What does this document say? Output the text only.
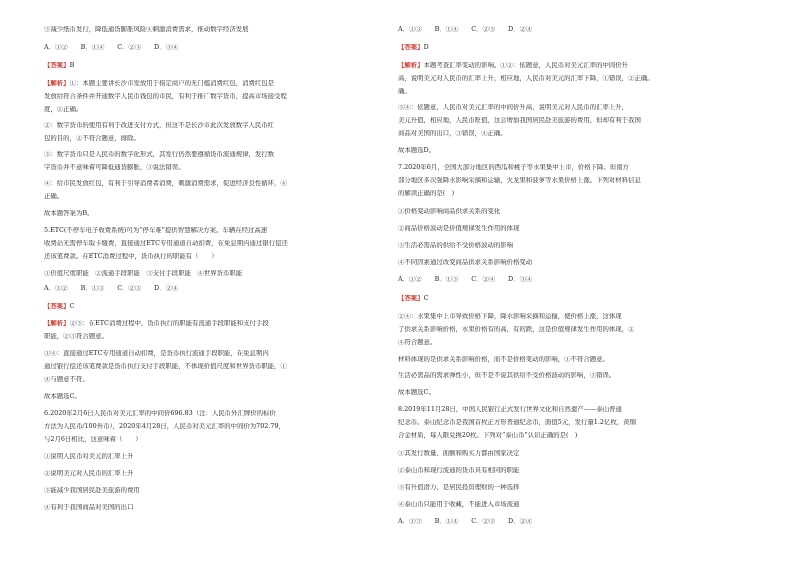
③减少纸币发行，降低通货膨胀风险④刺激消费需求，推动数字经济发展
A．①②　　B．①④　　C．②③　　D．③④
【答案】B
【解析】①：本题主要讲长沙市发放用于指定商户的无门槛消费红包，消费红包是
发放给符合条件并开通数字人民币钱包的市民，有利于推广数字货币，提高市场接受程
度，①正确。
②：数字货币的使用有利于改进支付方式，但这不是长沙市此次发放数字人民币红
包的目的，②不符合题意，排除。
③：数字货币只是人民币的数字化形式，其发行仍然要遵循货币流通规律，发行数
字货币并不意味着可降低通货膨胀，③说法错误。
④：给市民发放红包，有利于引导消费者消费，刺激消费需求，促进经济良性循环，④
正确。
故本题答案为B。
5.ETC(不停车电子收费系统)可为“停车难”提供智慧解决方案。车辆在经过高速
收费站无需停车取卡缴费，直接通过ETC专用通道自动扣费，在免息期内通过银行偿还
还该笔费款。在ETC消费过程中，货币执行的职能有（　　）
①价值尺度职能　②流通手段职能　③支付手段职能　④世界货币职能
A．①②　　B．①③　　C．②③　　D．②④
【答案】C
【解析】②③：在ETC消费过程中，货币执行的职能有流通手段职能和支付手段
职能，②③符合题意。
①④：直接通过ETC专用通道自动扣费，是货币执行流通手段职能，在免息期内
通过银行偿还该笔费款是货币执行支付手段职能，不体现价值尺度和世界货币职能，①
④与题意不符。
故本题选C。
6.2020年2月6日人民币对美元汇率的中间价696.83（注：人民币外汇牌价的标价
方法为人民币/100外币），2020年4月28日，人民币对美元汇率的中间价为702.79，
与2月6日相比，这意味着（　　）
①说明人民币对美元的汇率上升
②说明美元对人民币的汇率上升
③能减少我国居民赴美旅游的费用
④有利于我国商品对美国的出口
A．①③　　B．①④　　C．②③　　D．②④
【答案】D
【解析】本题考查汇率变动的影响。①②：依题意，人民币对美元汇率的中间价升
高，说明美元对人民币的汇率上升，相应地，人民币对美元的汇率下降，①错误，②正确。
确。
③④：依题意，人民币对美元汇率的中间价升高，说明美元对人民币的汇率上升，
美元升值，相应地，人民币贬值，这会增加我国居民赴美旅游的费用，但却有利于我国
商品对美国的出口，③错误，④正确。
故本题选D。
7.2020年6月，全国大部分地区的西瓜和桃子等水果集中上市，价格下降。但南方
部分地区多次强降水影响采摘和运输，火龙果和菠萝等水果价格上涨。下列对材料信息
的解读正确的是(　)
①价格变动影响商品供求关系的变化
②商品价格波动是价值规律发生作用的体现
③生活必需品的供给不受价格波动的影响
④不同因素通过改变商品供求关系影响价格变动
A．①②　　B．①③　　C．②④　　D．③④
【答案】C
②④：水果集中上市导致价格下降，降水影响采摘和运输，使价格上涨，这体现
了供求关系影响价格，水果价格有的高，有的跌，这是价值规律发生作用的体现，②
④符合题意。
材料体现的是供求关系影响价格，而不是价格变动的影响，①不符合题意。
生活必需品的需求弹性小，但不是不说其供给不受价格波动的影响，③错误。
故本题选C。
8.2019年11月28日，中国人民银行正式发行世界文化和自然遗产——泰山普通
纪念币。泰山纪念币是我国首枚正方形普通纪念币，面值5元，发行量1.2亿枚，黄铜
合金材质，每人限兑换20枚。下列对“泰山币”认识正确的是(　)
①其发行数量、面额和购买力都由国家决定
②泰山币和现行流通的货币具有相同的职能
③有升值潜力，是居民投资理财的一种选择
④泰山币只能用于收藏，不能进入市场流通
A．①③　　B．①④　　C．②③　　D．②④
